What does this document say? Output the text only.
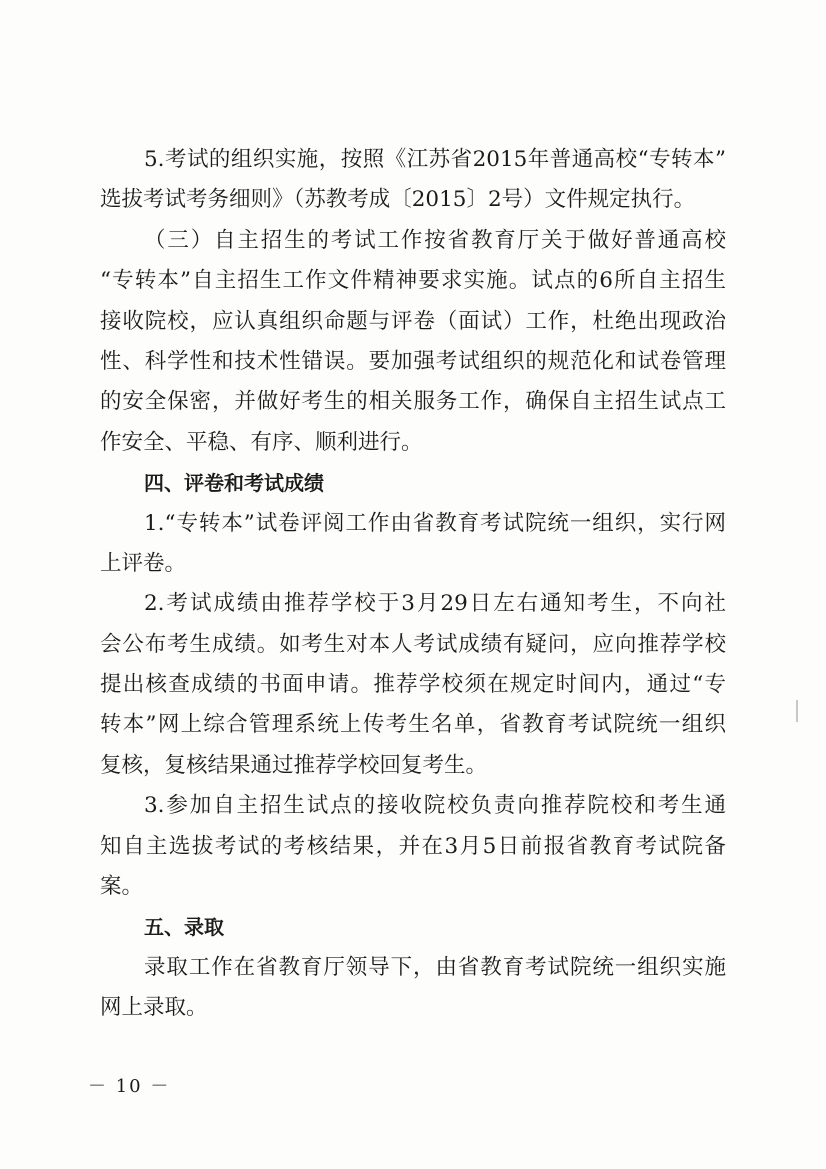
5.考试的组织实施，按照《江苏省2015年普通高校“专转本”
选拔考试考务细则》（苏教考成〔2015〕2号）文件规定执行。
（三）自主招生的考试工作按省教育厅关于做好普通高校
“专转本”自主招生工作文件精神要求实施。试点的6所自主招生
接收院校，应认真组织命题与评卷（面试）工作，杜绝出现政治
性、科学性和技术性错误。要加强考试组织的规范化和试卷管理
的安全保密，并做好考生的相关服务工作，确保自主招生试点工
作安全、平稳、有序、顺利进行。
四、评卷和考试成绩
1.“专转本”试卷评阅工作由省教育考试院统一组织，实行网
上评卷。
2.考试成绩由推荐学校于3月29日左右通知考生，不向社
会公布考生成绩。如考生对本人考试成绩有疑问，应向推荐学校
提出核查成绩的书面申请。推荐学校须在规定时间内，通过“专
转本”网上综合管理系统上传考生名单，省教育考试院统一组织
复核，复核结果通过推荐学校回复考生。
3.参加自主招生试点的接收院校负责向推荐院校和考生通
知自主选拔考试的考核结果，并在3月5日前报省教育考试院备
案。
五、录取
录取工作在省教育厅领导下，由省教育考试院统一组织实施
网上录取。
－ 10 －
